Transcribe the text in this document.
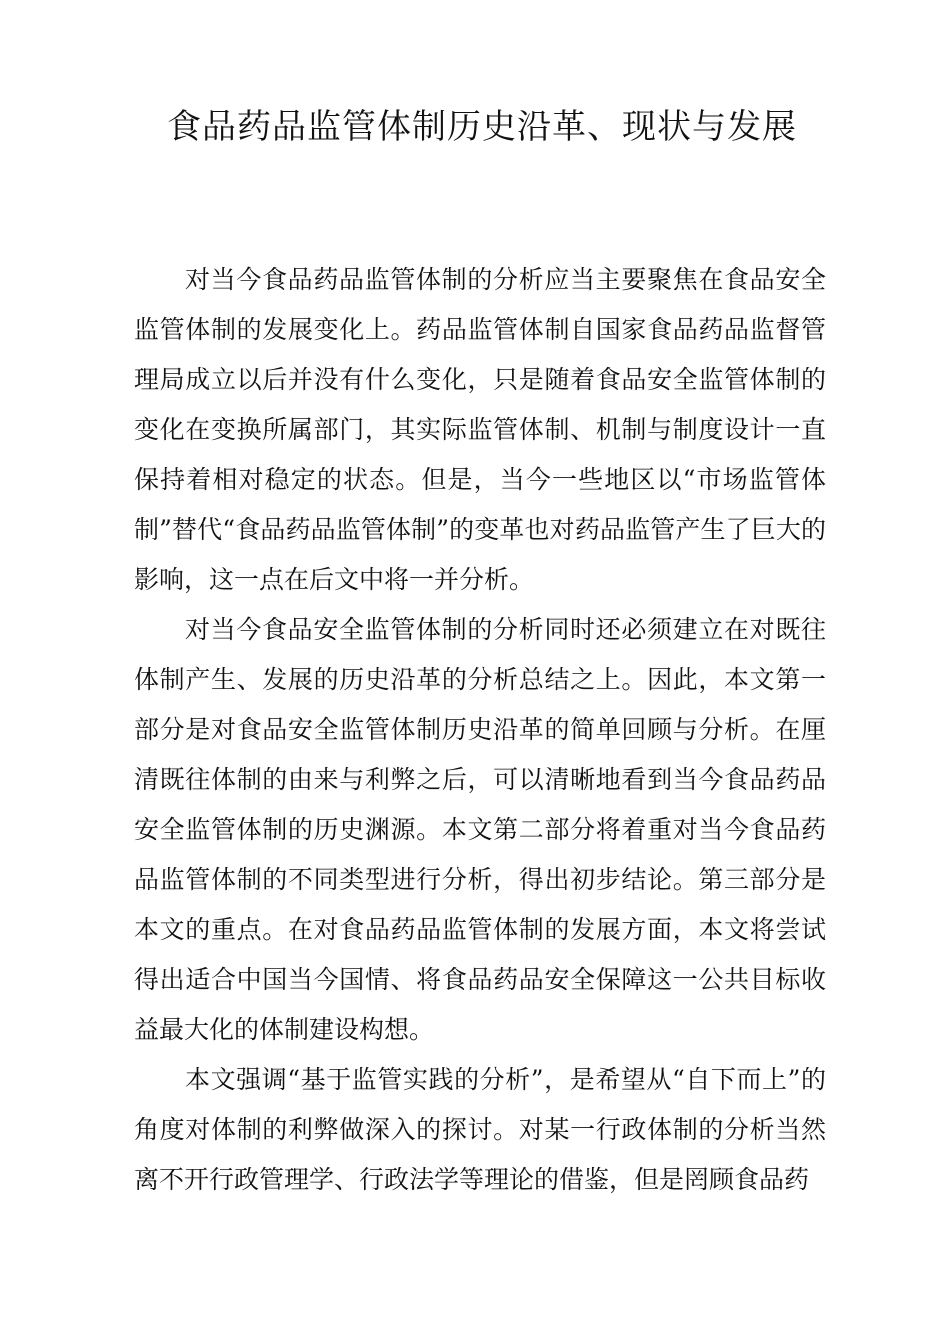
食品药品监管体制历史沿革、现状与发展

对当今食品药品监管体制的分析应当主要聚焦在食品安全监管体制的发展变化上。药品监管体制自国家食品药品监督管理局成立以后并没有什么变化，只是随着食品安全监管体制的变化在变换所属部门，其实际监管体制、机制与制度设计一直保持着相对稳定的状态。但是，当今一些地区以“市场监管体制”替代“食品药品监管体制”的变革也对药品监管产生了巨大的影响，这一点在后文中将一并分析。

对当今食品安全监管体制的分析同时还必须建立在对既往体制产生、发展的历史沿革的分析总结之上。因此，本文第一部分是对食品安全监管体制历史沿革的简单回顾与分析。在厘清既往体制的由来与利弊之后，可以清晰地看到当今食品药品安全监管体制的历史渊源。本文第二部分将着重对当今食品药品监管体制的不同类型进行分析，得出初步结论。第三部分是本文的重点。在对食品药品监管体制的发展方面，本文将尝试得出适合中国当今国情、将食品药品安全保障这一公共目标收益最大化的体制建设构想。

本文强调“基于监管实践的分析”，是希望从“自下而上”的角度对体制的利弊做深入的探讨。对某一行政体制的分析当然离不开行政管理学、行政法学等理论的借鉴，但是罔顾食品药
